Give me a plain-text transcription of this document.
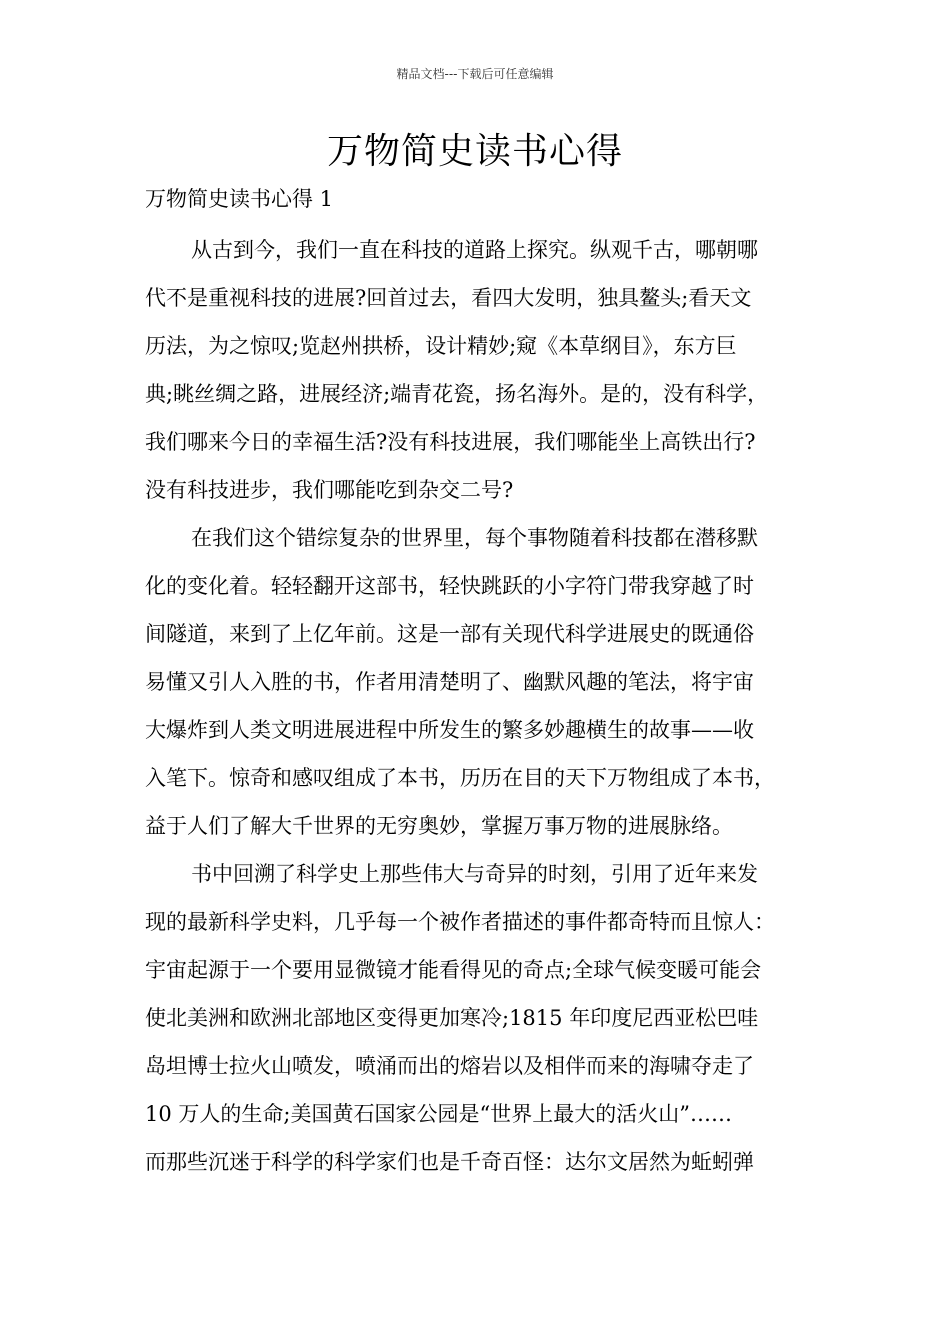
精品文档---下载后可任意编辑
万物简史读书心得
万物简史读书心得 1
从古到今，我们一直在科技的道路上探究。纵观千古，哪朝哪
代不是重视科技的进展?回首过去，看四大发明，独具鳌头;看天文
历法，为之惊叹;览赵州拱桥，设计精妙;窥《本草纲目》，东方巨
典;眺丝绸之路，进展经济;端青花瓷，扬名海外。是的，没有科学，
我们哪来今日的幸福生活?没有科技进展，我们哪能坐上高铁出行?
没有科技进步，我们哪能吃到杂交二号?
在我们这个错综复杂的世界里，每个事物随着科技都在潜移默
化的变化着。轻轻翻开这部书，轻快跳跃的小字符门带我穿越了时
间隧道，来到了上亿年前。这是一部有关现代科学进展史的既通俗
易懂又引人入胜的书，作者用清楚明了、幽默风趣的笔法，将宇宙
大爆炸到人类文明进展进程中所发生的繁多妙趣横生的故事——收
入笔下。惊奇和感叹组成了本书，历历在目的天下万物组成了本书，
益于人们了解大千世界的无穷奥妙，掌握万事万物的进展脉络。
书中回溯了科学史上那些伟大与奇异的时刻，引用了近年来发
现的最新科学史料，几乎每一个被作者描述的事件都奇特而且惊人：
宇宙起源于一个要用显微镜才能看得见的奇点;全球气候变暖可能会
使北美洲和欧洲北部地区变得更加寒冷;1815 年印度尼西亚松巴哇
岛坦博士拉火山喷发，喷涌而出的熔岩以及相伴而来的海啸夺走了
10 万人的生命;美国黄石国家公园是“世界上最大的活火山”……
而那些沉迷于科学的科学家们也是千奇百怪：达尔文居然为蚯蚓弹
